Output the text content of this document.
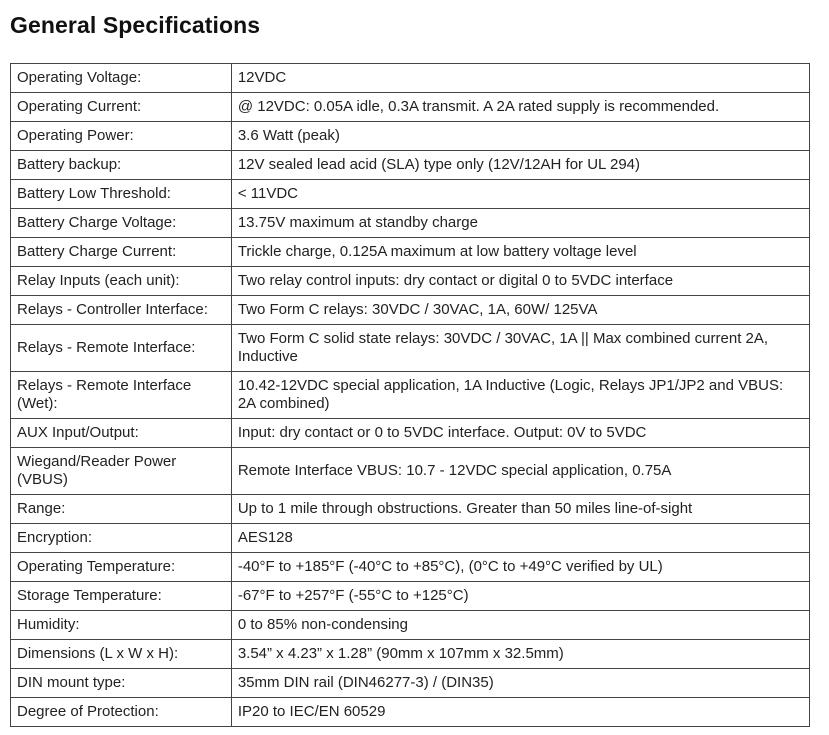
General Specifications
Operating Voltage:	12VDC
Operating Current:	@ 12VDC: 0.05A idle, 0.3A transmit. A 2A rated supply is recommended.
Operating Power:	3.6 Watt (peak)
Battery backup:	12V sealed lead acid (SLA) type only (12V/12AH for UL 294)
Battery Low Threshold:	< 11VDC
Battery Charge Voltage:	13.75V maximum at standby charge
Battery Charge Current:	Trickle charge, 0.125A maximum at low battery voltage level
Relay Inputs (each unit):	Two relay control inputs: dry contact or digital 0 to 5VDC interface
Relays - Controller Interface:	Two Form C relays: 30VDC / 30VAC, 1A, 60W/ 125VA
Relays - Remote Interface:	Two Form C solid state relays: 30VDC / 30VAC, 1A || Max combined current 2A, Inductive
Relays - Remote Interface (Wet):	10.42-12VDC special application, 1A Inductive (Logic, Relays JP1/JP2 and VBUS: 2A combined)
AUX Input/Output:	Input: dry contact or 0 to 5VDC interface. Output: 0V to 5VDC
Wiegand/Reader Power (VBUS)	Remote Interface VBUS: 10.7 - 12VDC special application, 0.75A
Range:	Up to 1 mile through obstructions. Greater than 50 miles line-of-sight
Encryption:	AES128
Operating Temperature:	-40°F to +185°F (-40°C to +85°C), (0°C to +49°C verified by UL)
Storage Temperature:	-67°F to +257°F (-55°C to +125°C)
Humidity:	0 to 85% non-condensing
Dimensions (L x W x H):	3.54” x 4.23” x 1.28” (90mm x 107mm x 32.5mm)
DIN mount type:	35mm DIN rail (DIN46277-3) / (DIN35)
Degree of Protection:	IP20 to IEC/EN 60529
